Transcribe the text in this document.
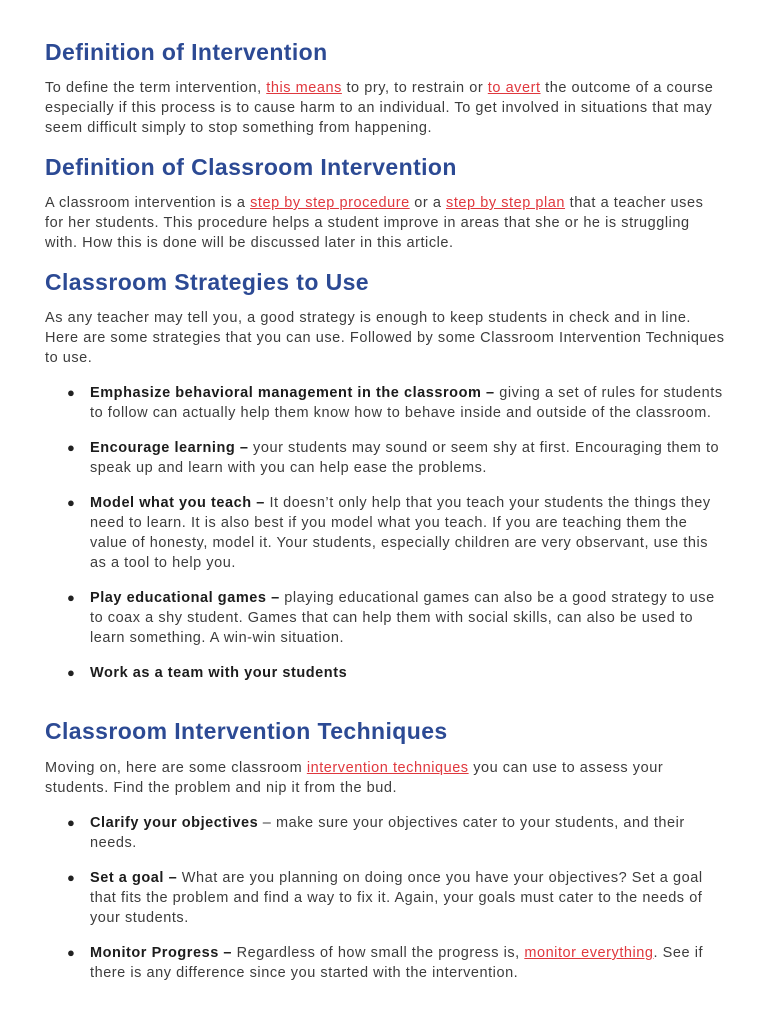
Definition of Intervention

To define the term intervention, this means to pry, to restrain or to avert the outcome of a course especially if this process is to cause harm to an individual. To get involved in situations that may seem difficult simply to stop something from happening.

Definition of Classroom Intervention

A classroom intervention is a step by step procedure or a step by step plan that a teacher uses for her students. This procedure helps a student improve in areas that she or he is struggling with. How this is done will be discussed later in this article.

Classroom Strategies to Use

As any teacher may tell you, a good strategy is enough to keep students in check and in line. Here are some strategies that you can use. Followed by some Classroom Intervention Techniques to use.

● Emphasize behavioral management in the classroom – giving a set of rules for students to follow can actually help them know how to behave inside and outside of the classroom.
● Encourage learning – your students may sound or seem shy at first. Encouraging them to speak up and learn with you can help ease the problems.
● Model what you teach – It doesn’t only help that you teach your students the things they need to learn. It is also best if you model what you teach. If you are teaching them the value of honesty, model it. Your students, especially children are very observant, use this as a tool to help you.
● Play educational games – playing educational games can also be a good strategy to use to coax a shy student. Games that can help them with social skills, can also be used to learn something. A win-win situation.
● Work as a team with your students
Classroom Intervention Techniques

Moving on, here are some classroom intervention techniques you can use to assess your students. Find the problem and nip it from the bud.

● Clarify your objectives – make sure your objectives cater to your students, and their needs.
● Set a goal – What are you planning on doing once you have your objectives? Set a goal that fits the problem and find a way to fix it. Again, your goals must cater to the needs of your students.
● Monitor Progress – Regardless of how small the progress is, monitor everything. See if there is any difference since you started with the intervention.
